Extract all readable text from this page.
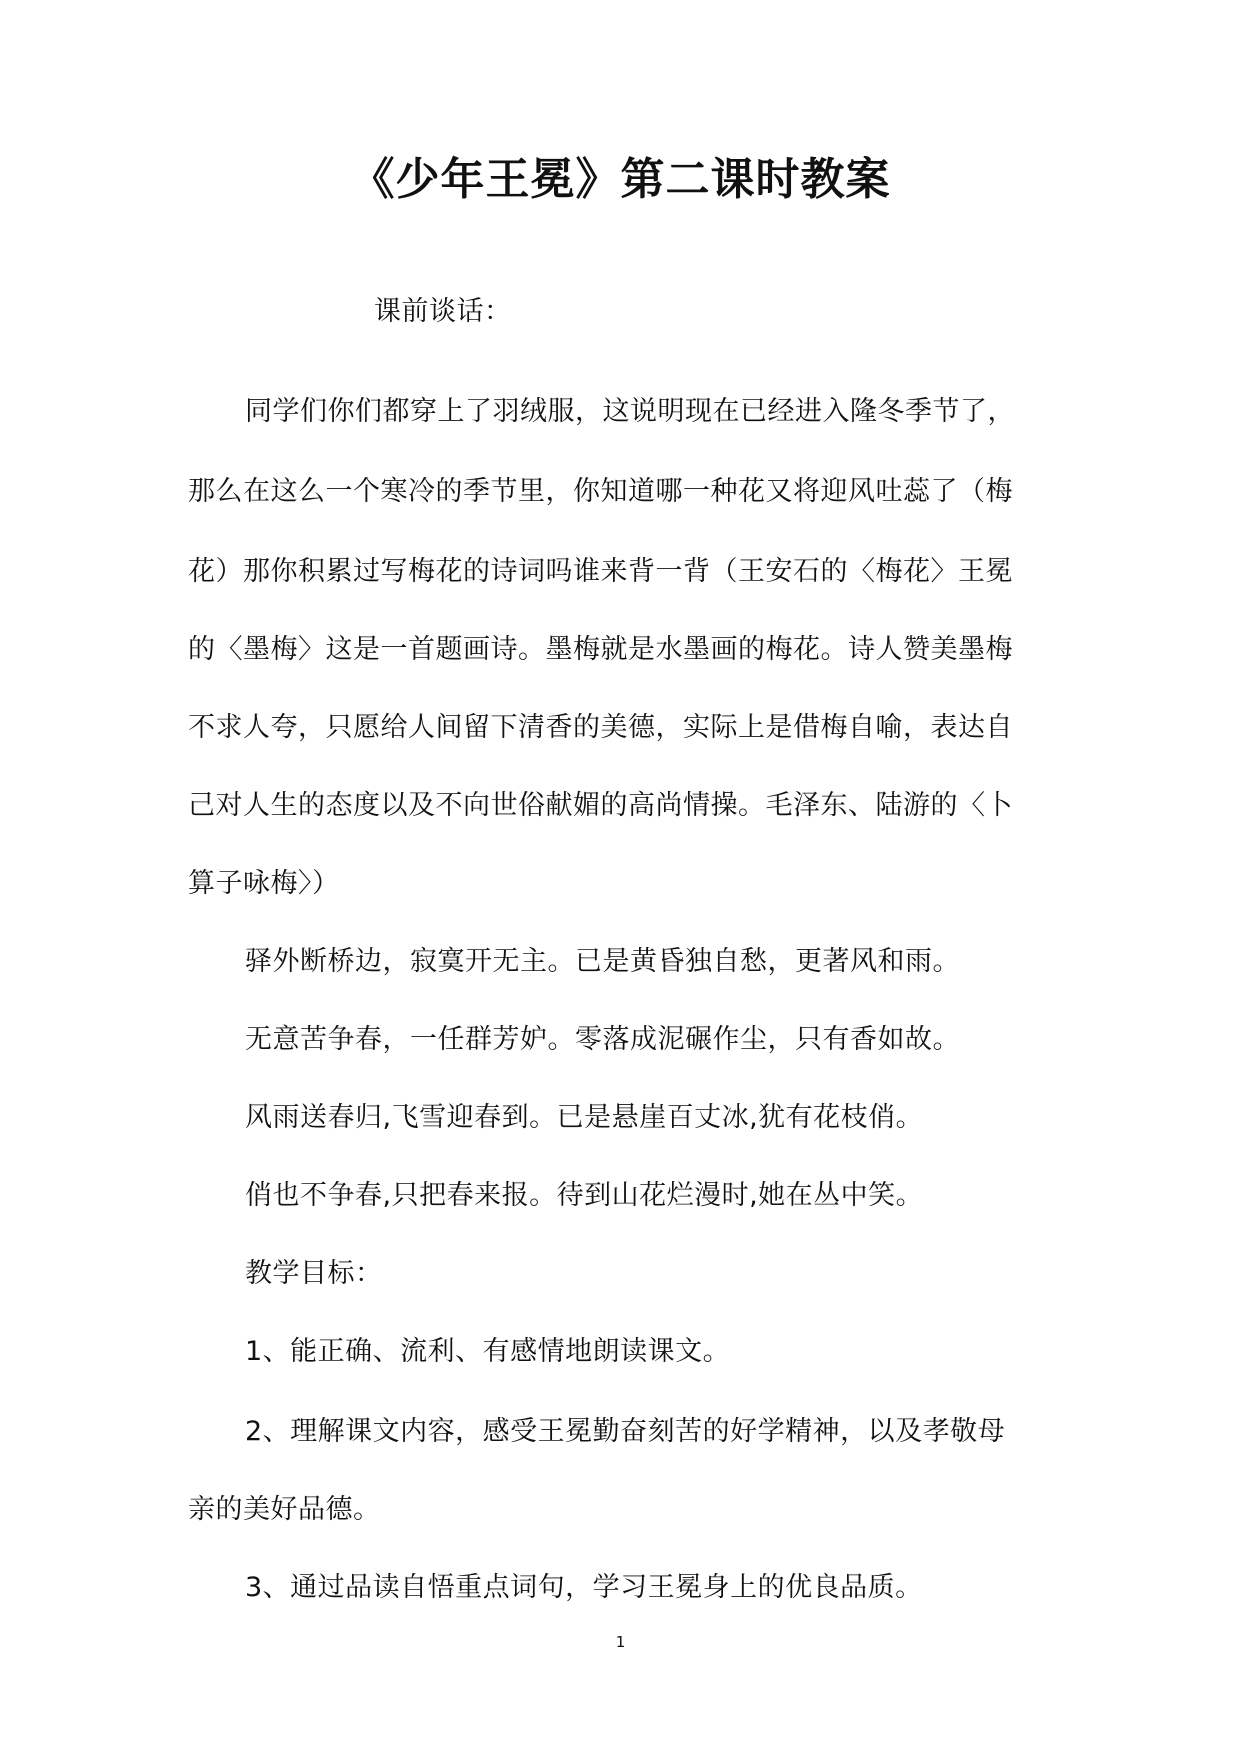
《少年王冕》第二课时教案
课前谈话：
同学们你们都穿上了羽绒服，这说明现在已经进入隆冬季节了，
那么在这么一个寒冷的季节里，你知道哪一种花又将迎风吐蕊了（梅
花）那你积累过写梅花的诗词吗谁来背一背（王安石的〈梅花〉王冕
的〈墨梅〉这是一首题画诗。墨梅就是水墨画的梅花。诗人赞美墨梅
不求人夸，只愿给人间留下清香的美德，实际上是借梅自喻，表达自
己对人生的态度以及不向世俗献媚的高尚情操。毛泽东、陆游的〈卜
算子咏梅〉）
驿外断桥边，寂寞开无主。已是黄昏独自愁，更著风和雨。
无意苦争春，一任群芳妒。零落成泥碾作尘，只有香如故。
风雨送春归,飞雪迎春到。已是悬崖百丈冰,犹有花枝俏。
俏也不争春,只把春来报。待到山花烂漫时,她在丛中笑。
教学目标：
1、能正确、流利、有感情地朗读课文。
2、理解课文内容，感受王冕勤奋刻苦的好学精神，以及孝敬母
亲的美好品德。
3、通过品读自悟重点词句，学习王冕身上的优良品质。
1
